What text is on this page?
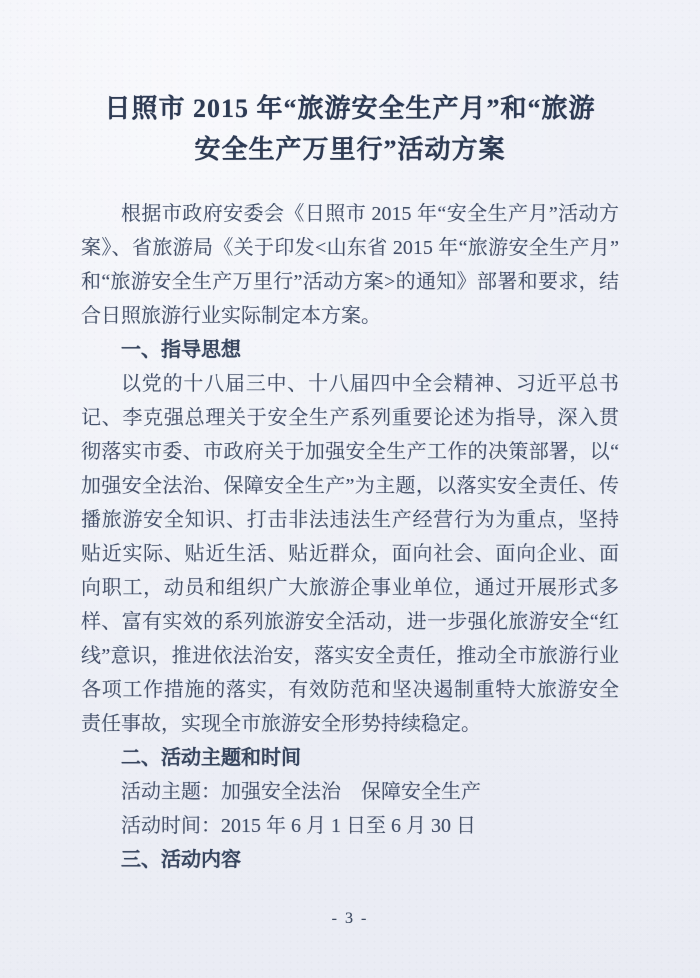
日照市 2015 年“旅游安全生产月”和“旅游
安全生产万里行”活动方案
根据市政府安委会《日照市 2015 年“安全生产月”活动方案》、省旅游局《关于印发<山东省 2015 年“旅游安全生产月”和“旅游安全生产万里行”活动方案>的通知》部署和要求，结合日照旅游行业实际制定本方案。
一、指导思想
以党的十八届三中、十八届四中全会精神、习近平总书记、李克强总理关于安全生产系列重要论述为指导，深入贯彻落实市委、市政府关于加强安全生产工作的决策部署，以“加强安全法治、保障安全生产”为主题，以落实安全责任、传播旅游安全知识、打击非法违法生产经营行为为重点，坚持贴近实际、贴近生活、贴近群众，面向社会、面向企业、面向职工，动员和组织广大旅游企事业单位，通过开展形式多样、富有实效的系列旅游安全活动，进一步强化旅游安全“红线”意识，推进依法治安，落实安全责任，推动全市旅游行业各项工作措施的落实，有效防范和坚决遏制重特大旅游安全责任事故，实现全市旅游安全形势持续稳定。
二、活动主题和时间
活动主题：加强安全法治　保障安全生产
活动时间：2015 年 6 月 1 日至 6 月 30 日
三、活动内容
- 3 -
